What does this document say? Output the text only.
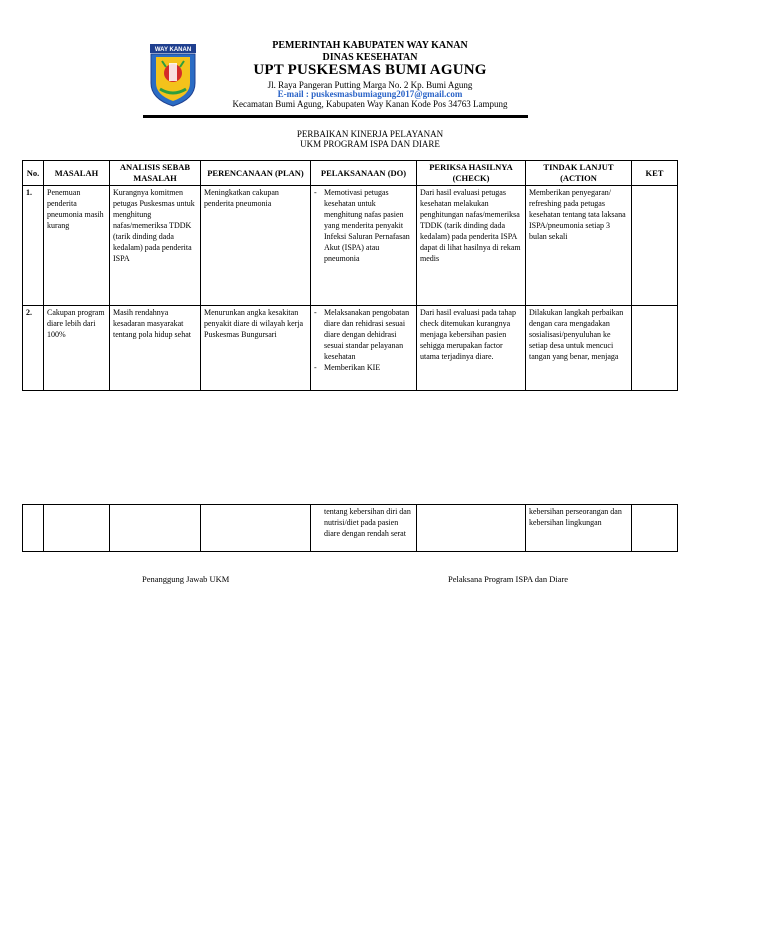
WAY KANAN	PEMERINTAH KABUPATEN WAY KANAN
DINAS KESEHATAN
UPT PUSKESMAS BUMI AGUNG
Jl. Raya Pangeran Putting Marga No. 2 Kp. Bumi Agung
E-mail : puskesmasbumiagung2017@gmail.com
Kecamatan Bumi Agung, Kabupaten Way Kanan Kode Pos 34763 Lampung
PERBAIKAN KINERJA PELAYANAN
UKM PROGRAM ISPA DAN DIARE
No.	MASALAH	ANALISIS SEBAB MASALAH	PERENCANAAN (PLAN)	PELAKSANAAN (DO)	PERIKSA HASILNYA (CHECK)	TINDAK LANJUT (ACTION	KET
1.	Penemuan penderita pneumonia masih kurang	Kurangnya komitmen petugas Puskesmas untuk menghitung nafas/memeriksa TDDK (tarik dinding dada kedalam) pada penderita ISPA	Meningkatkan cakupan penderita pneumonia	- Memotivasi petugas kesehatan untuk menghitung nafas pasien yang menderita penyakit Infeksi Saluran Pernafasan Akut (ISPA) atau pneumonia	Dari hasil evaluasi petugas kesehatan melakukan penghitungan nafas/memeriksa TDDK (tarik dinding dada kedalam) pada penderita ISPA dapat di lihat hasilnya di rekam medis	Memberikan penyegaran/ refreshing pada petugas kesehatan tentang tata laksana ISPA/pneumonia setiap 3 bulan sekali	
2.	Cakupan program diare lebih dari 100%	Masih rendahnya kesadaran masyarakat tentang pola hidup sehat	Menurunkan angka kesakitan penyakit diare di wilayah kerja Puskesmas Bungursari	- Melaksanakan pengobatan diare dan rehidrasi sesuai diare dengan dehidrasi sesuai standar pelayanan kesehatan
- Memberikan KIE	Dari hasil evaluasi pada tahap check ditemukan kurangnya menjaga kebersihan pasien sehigga merupakan factor utama terjadinya diare.	Dilakukan langkah perbaikan dengan cara mengadakan sosialisasi/penyuluhan ke setiap desa untuk mencuci tangan yang benar, menjaga	
				tentang kebersihan diri dan nutrisi/diet pada pasien diare dengan rendah serat		kebersihan perseorangan dan kebersihan lingkungan	
Penanggung Jawab UKM	Pelaksana Program ISPA dan Diare
